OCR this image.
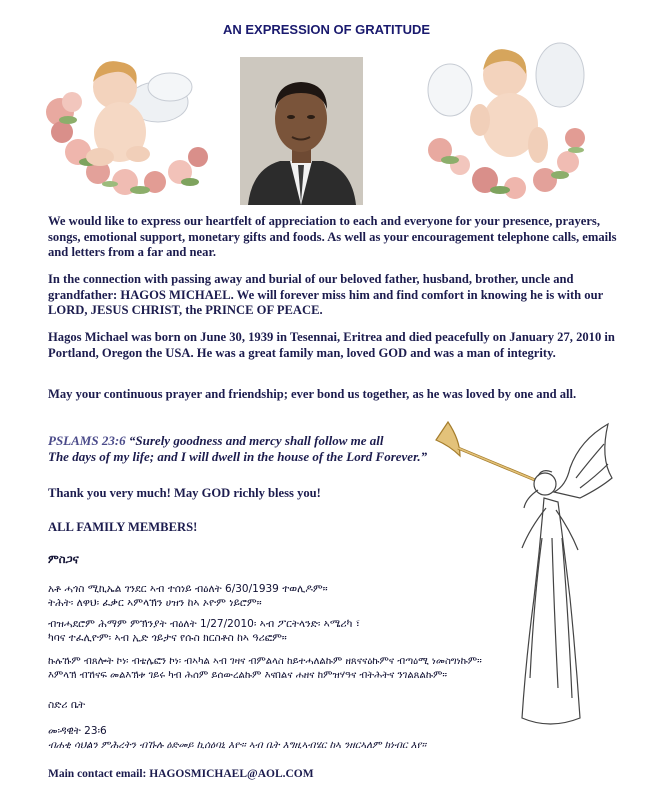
AN EXPRESSION OF GRATITUDE

We would like to express our heartfelt of appreciation to each and everyone for your presence, prayers, songs, emotional support, monetary gifts and foods. As well as your encouragement telephone calls, emails and letters from a far and near.

In the connection with passing away and burial of our beloved father, husband, brother, uncle and grandfather: HAGOS MICHAEL. We will forever miss him and find comfort in knowing he is with our LORD, JESUS CHRIST, the PRINCE OF PEACE.

Hagos Michael was born on June 30, 1939 in Tesennai, Eritrea and died peacefully on January 27, 2010 in Portland, Oregon the USA. He was a great family man, loved GOD and was a man of integrity.

May your continuous prayer and friendship; ever bond us together, as he was loved by one and all.

PSLAMS 23:6 “Surely goodness and mercy shall follow me all
The days of my life; and I will dwell in the house of the Lord Forever.”
Thank you very much! May GOD richly bless you!
ALL FAMILY MEMBERS!
ምስጋና
አቶ ሓጎስ ሚኪኤል ገንደር ኣብ ተሰነይ ብዕለት 6/30/1939 ተወሊዶም።
ትሕት፡ ለዋህ፡ ፈቃር ኣምላኽን ሀዝን ከኣ ኦዮም ነይሮም።
ብዝሓደሮም ሕማም ምኽንያት ብዕለት 1/27/2010፡ ኣብ ፖርትላንድ፡ ኣሜሪካ ፣
ካባና ተፈሊዮም፡ ኣብ ኢድ ጎይታና የሱስ ክርስቶስ ከኣ ዓሪፎም።
ኩሉኹም ብጸሎት ኮነ፡ ብቴሌፎን ኮነ፡ ብኣካል ኣብ ገዛና ብምልላስ ከይተሓለልኩም ዘጸናናዕኩምና ብጣዕሚ ነመስግነኩም።
እምላኽ ብኸናፍ መልእኽቱ ገይሩ ካብ ሕሰም ይሰውረልኩም እናበልና ሐዘና ከምዝሃዓና ብትሕትና ንገልጸልኩም።
ስድሪ ቤት
መ፡ዳዊት 23፡6
ብሐቂ ሳህልን ምሕረትን ብኹሉ ዕድመይ ኪሰዕባኒ እዮ፡፡ ኣብ ቤት እግዚኣብሄር ከኣ ንዘርኣለም ክነብር እየ።
Main contact email: HAGOSMICHAEL@AOL.COM
